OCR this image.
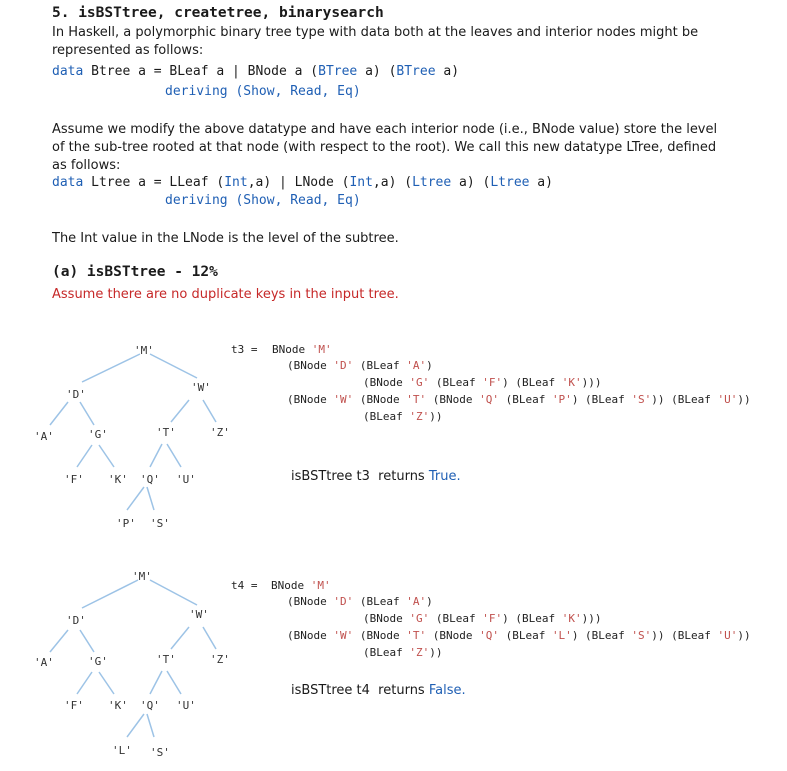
5. isBSTtree, createtree, binarysearch
In Haskell, a polymorphic binary tree type with data both at the leaves and interior nodes might be represented as follows:
data Btree a = BLeaf a | BNode a (BTree a) (BTree a)
deriving (Show, Read, Eq)
Assume we modify the above datatype and have each interior node (i.e., BNode value) store the level of the sub-tree rooted at that node (with respect to the root). We call this new datatype LTree, defined as follows:
data Ltree a = LLeaf (Int,a) | LNode (Int,a) (Ltree a) (Ltree a)
deriving (Show, Read, Eq)
The Int value in the LNode is the level of the subtree.
(a) isBSTtree - 12%
Assume there are no duplicate keys in the input tree.
'M'
'D'
'W'
'A'	'G'	'T'	'Z'
'F' 'K' 'Q' 'U'
'P' 'S'
t3 = BNode 'M'
(BNode 'D' (BLeaf 'A')
(BNode 'G' (BLeaf 'F') (BLeaf 'K')))
(BNode 'W' (BNode 'T' (BNode 'Q' (BLeaf 'P') (BLeaf 'S')) (BLeaf 'U'))
(BLeaf 'Z'))
isBSTtree t3  returns True.
'M'
'D'	'W'
'A'	'G'	'T'	'Z'
'F' 'K' 'Q' 'U'
'L' 'S'
t4 = BNode 'M'
(BNode 'D' (BLeaf 'A')
(BNode 'G' (BLeaf 'F') (BLeaf 'K')))
(BNode 'W' (BNode 'T' (BNode 'Q' (BLeaf 'L') (BLeaf 'S')) (BLeaf 'U'))
(BLeaf 'Z'))
isBSTtree t4  returns False.
